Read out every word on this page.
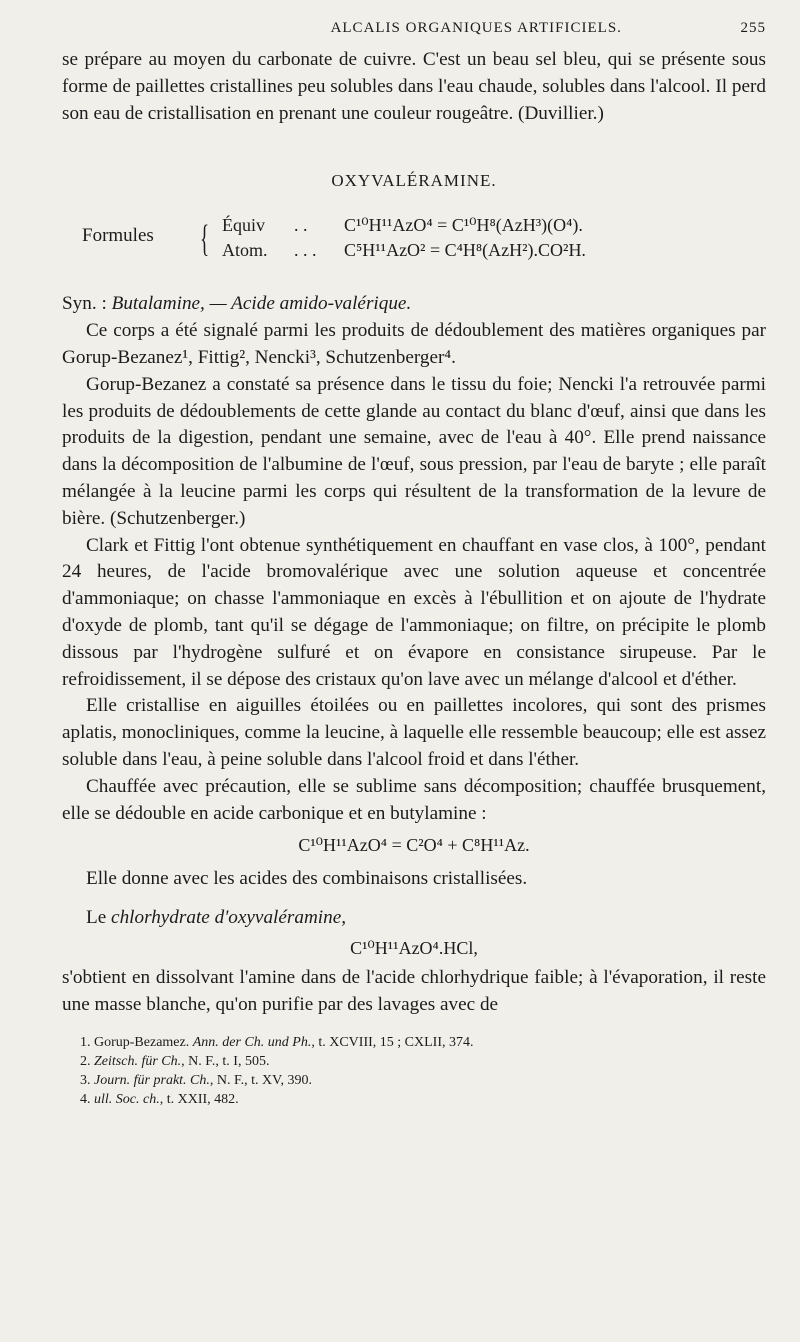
ALCALIS ORGANIQUES ARTIFICIELS.	255

se prépare au moyen du carbonate de cuivre. C'est un beau sel bleu, qui se présente sous forme de paillettes cristallines peu solubles dans l'eau chaude, solubles dans l'alcool. Il perd son eau de cristallisation en prenant une couleur rougeâtre. (Duvillier.)

OXYVALÉRAMINE.
Formules { Équiv . . C¹⁰H¹¹AzO⁴ = C¹⁰H⁸(AzH³)(O⁴).
Atom. . . . C⁵H¹¹AzO² = C⁴H⁸(AzH²).CO²H.

Syn. : Butalamine, — Acide amido-valérique.

Ce corps a été signalé parmi les produits de dédoublement des matières organiques par Gorup-Bezanez¹, Fittig², Nencki³, Schutzenberger⁴.

Gorup-Bezanez a constaté sa présence dans le tissu du foie; Nencki l'a retrouvée parmi les produits de dédoublements de cette glande au contact du blanc d'œuf, ainsi que dans les produits de la digestion, pendant une semaine, avec de l'eau à 40°. Elle prend naissance dans la décomposition de l'albumine de l'œuf, sous pression, par l'eau de baryte ; elle paraît mélangée à la leucine parmi les corps qui résultent de la transformation de la levure de bière. (Schutzenberger.)

Clark et Fittig l'ont obtenue synthétiquement en chauffant en vase clos, à 100°, pendant 24 heures, de l'acide bromovalérique avec une solution aqueuse et concentrée d'ammoniaque; on chasse l'ammoniaque en excès à l'ébullition et on ajoute de l'hydrate d'oxyde de plomb, tant qu'il se dégage de l'ammoniaque; on filtre, on précipite le plomb dissous par l'hydrogène sulfuré et on évapore en consistance sirupeuse. Par le refroidissement, il se dépose des cristaux qu'on lave avec un mélange d'alcool et d'éther.

Elle cristallise en aiguilles étoilées ou en paillettes incolores, qui sont des prismes aplatis, monocliniques, comme la leucine, à laquelle elle ressemble beaucoup; elle est assez soluble dans l'eau, à peine soluble dans l'alcool froid et dans l'éther.

Chauffée avec précaution, elle se sublime sans décomposition; chauffée brusquement, elle se dédouble en acide carbonique et en butylamine :

C¹⁰H¹¹AzO⁴ = C²O⁴ + C⁸H¹¹Az.

Elle donne avec les acides des combinaisons cristallisées.

Le chlorhydrate d'oxyvaléramine,

C¹⁰H¹¹AzO⁴.HCl,

s'obtient en dissolvant l'amine dans de l'acide chlorhydrique faible; à l'évaporation, il reste une masse blanche, qu'on purifie par des lavages avec de

1. Gorup-Bezamez. Ann. der Ch. und Ph., t. XCVIII, 15 ; CXLII, 374.
2. Zeitsch. für Ch., N. F., t. I, 505.
3. Journ. für prakt. Ch., N. F., t. XV, 390.
4. ull. Soc. ch., t. XXII, 482.
